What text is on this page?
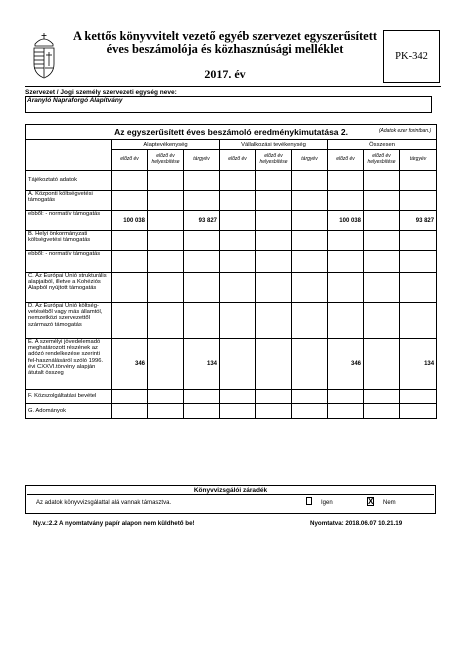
A kettős könyvvitelt vezető egyéb szervezet egyszerűsített
éves beszámolója és közhasznúsági melléklet
2017. év
PK-342
Szervezet / Jogi személy szervezeti egység neve:
Aranyló Napraforgó Alapítvány
Az egyszerűsített éves beszámoló eredménykimutatása 2. (Adatok ezer forintban.)									

	Alaptevékenység			Vállalkozási tevékenység			Összesen		
	előző év	előző év helyesbítése	tárgyév	előző év	előző év helyesbítése	tárgyév	előző év	előző év helyesbítése	tárgyév
Tájékoztató adatok									
A. Központi költségvetési támogatás									
ebből: - normatív támogatás	100 038		93 827				100 038		93 827
B. Helyi önkormányzati költségvetési támogatás									
ebből: - normatív támogatás									
C. Az Európai Unió strukturális alapjaiból, illetve a Kohéziós Alapból nyújtott támogatás									
D. Az Európai Unió költség-vetéséből vagy más államtól, nemzetközi szervezettől származó támogatás									
E. A személyi jövedelemadó meghatározott részének az adózó rendelkezése szerinti fel-használásáról szóló 1996. évi CXXVI.törvény alapján átutalt összeg	346		134				346		134
F. Közszolgáltatási bevétel									
G. Adományok									
Könyvvizsgálói záradék
Az adatok könyvvizsgálattal alá vannak támasztva.	Igen	X Nem
Ny.v.:2.2 A nyomtatvány papír alapon nem küldhető be!	Nyomtatva: 2018.06.07 10.21.19
